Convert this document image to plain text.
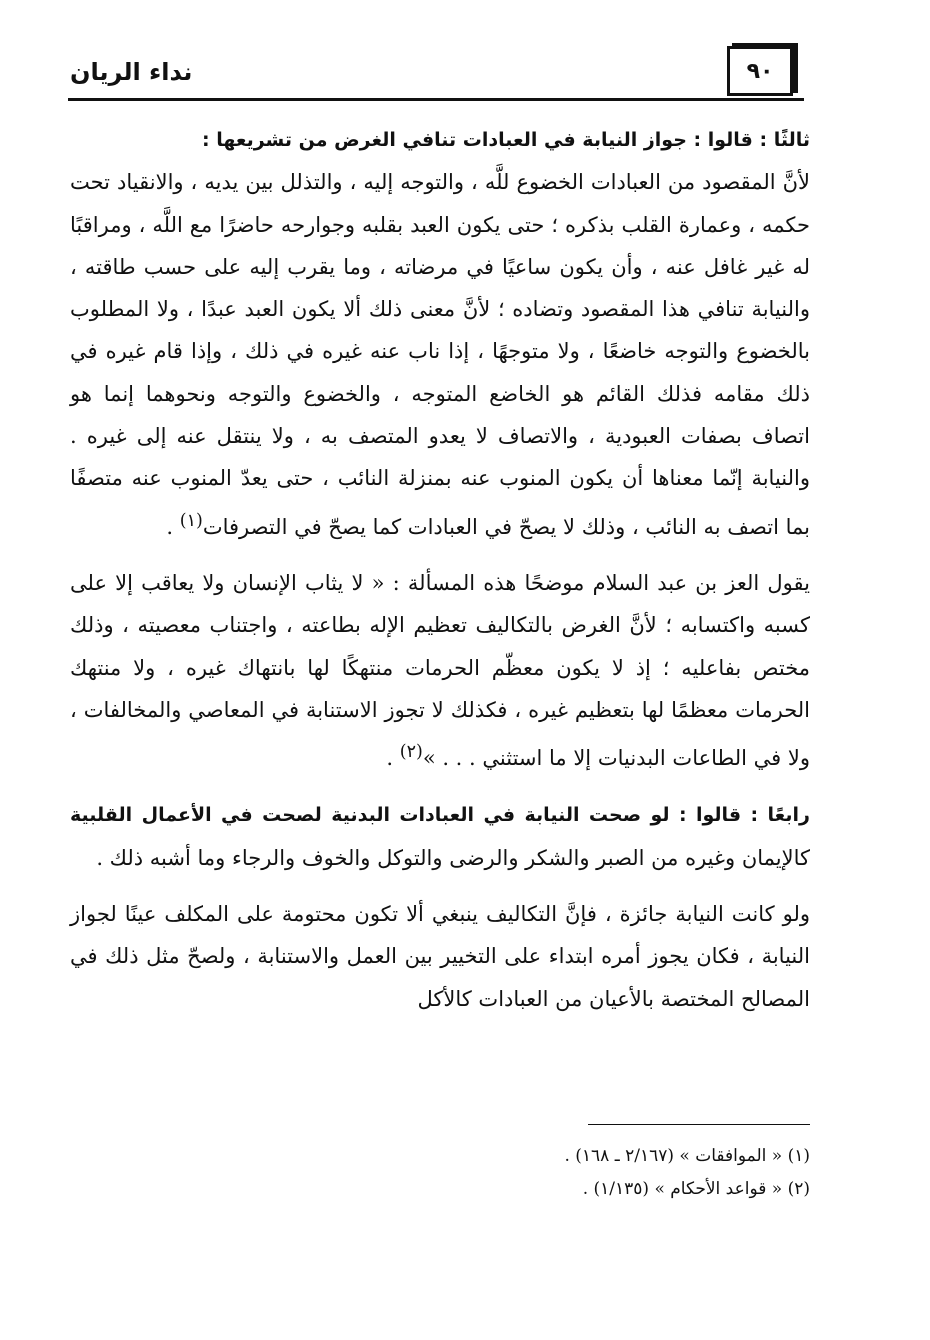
نداء الريان	٩٠

ثالثًا : قالوا : جواز النيابة في العبادات تنافي الغرض من تشريعها :

لأنَّ المقصود من العبادات الخضوع للَّه ، والتوجه إليه ، والتذلل بين يديه ، والانقياد تحت حكمه ، وعمارة القلب بذكره ؛ حتى يكون العبد بقلبه وجوارحه حاضرًا مع اللَّه ، ومراقبًا له غير غافل عنه ، وأن يكون ساعيًا في مرضاته ، وما يقرب إليه على حسب طاقته ، والنيابة تنافي هذا المقصود وتضاده ؛ لأنَّ معنى ذلك ألا يكون العبد عبدًا ، ولا المطلوب بالخضوع والتوجه خاضعًا ، ولا متوجهًا ، إذا ناب عنه غيره في ذلك ، وإذا قام غيره في ذلك مقامه فذلك القائم هو الخاضع المتوجه ، والخضوع والتوجه ونحوهما إنما هو اتصاف بصفات العبودية ، والاتصاف لا يعدو المتصف به ، ولا ينتقل عنه إلى غيره . والنيابة إنّما معناها أن يكون المنوب عنه بمنزلة النائب ، حتى يعدّ المنوب عنه متصفًا بما اتصف به النائب ، وذلك لا يصحّ في العبادات كما يصحّ في التصرفات$^{(١)}$ .

يقول العز بن عبد السلام موضحًا هذه المسألة : « لا يثاب الإنسان ولا يعاقب إلا على كسبه واكتسابه ؛ لأنَّ الغرض بالتكاليف تعظيم الإله بطاعته ، واجتناب معصيته ، وذلك مختص بفاعليه ؛ إذ لا يكون معظّم الحرمات منتهكًا لها بانتهاك غيره ، ولا منتهك الحرمات معظمًا لها بتعظيم غيره ، فكذلك لا تجوز الاستنابة في المعاصي والمخالفات ، ولا في الطاعات البدنيات إلا ما استثني . . . »$^{(٢)}$ .

رابعًا : قالوا : لو صحت النيابة في العبادات البدنية لصحت في الأعمال القلبية كالإيمان وغيره من الصبر والشكر والرضى والتوكل والخوف والرجاء وما أشبه ذلك .

ولو كانت النيابة جائزة ، فإنَّ التكاليف ينبغي ألا تكون محتومة على المكلف عينًا لجواز النيابة ، فكان يجوز أمره ابتداء على التخيير بين العمل والاستنابة ، ولصحّ مثل ذلك في المصالح المختصة بالأعيان من العبادات كالأكل

(١) « الموافقات » (٢/١٦٧ ـ ١٦٨) .

(٢) « قواعد الأحكام » (١/١٣٥) .
